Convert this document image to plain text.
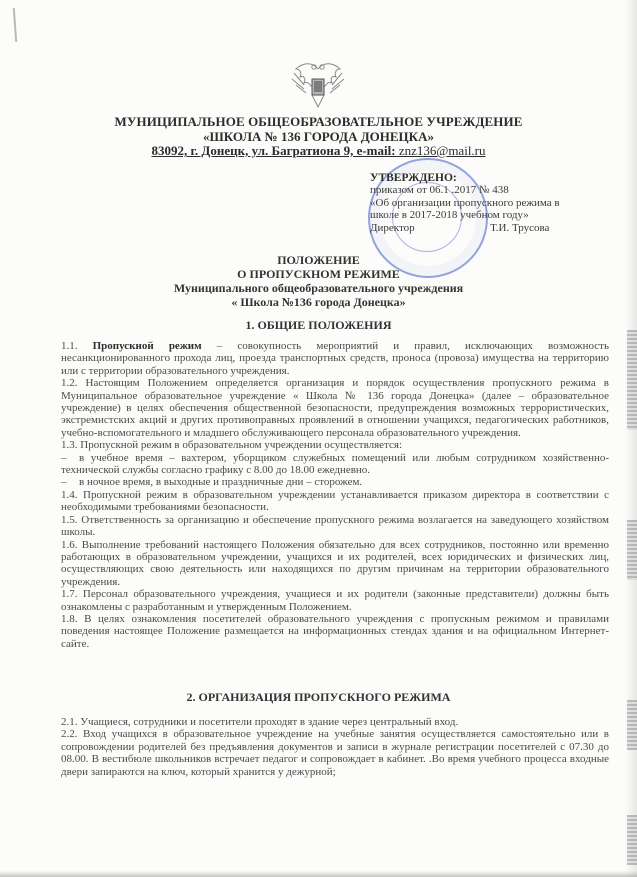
МУНИЦИПАЛЬНОЕ ОБЩЕОБРАЗОВАТЕЛЬНОЕ УЧРЕЖДЕНИЕ
«ШКОЛА № 136 ГОРОДА ДОНЕЦКА»
83092, г. Донецк, ул. Багратиона 9, e-mail: znz136@mail.ru
УТВЕРЖДЕНО:
приказом от 06.1 .2017 № 438
«Об организации пропускного режима в
школе в 2017-2018 учебном году»
Директор	Т.И. Трусова
ПОЛОЖЕНИЕ
О ПРОПУСКНОМ РЕЖИМЕ
Муниципального общеобразовательного учреждения
« Школа №136 города Донецка»
1. ОБЩИЕ ПОЛОЖЕНИЯ

1.1. Пропускной режим – совокупность мероприятий и правил, исключающих возможность несанкционированного прохода лиц, проезда транспортных средств, проноса (провоза) имущества на территорию или с территории образовательного учреждения.

1.2. Настоящим Положением определяется организация и порядок осуществления пропускного режима в Муниципальное образовательное учреждение « Школа № 136 города Донецка» (далее – образовательное учреждение) в целях обеспечения общественной безопасности, предупреждения возможных террористических, экстремистских акций и других противоправных проявлений в отношении учащихся, педагогических работников, учебно-вспомогательного и младшего обслуживающего персонала образовательного учреждения.

1.3. Пропускной режим в образовательном учреждении осуществляется:

– в учебное время – вахтером, уборщиком служебных помещений или любым сотрудником хозяйственно-технической службы согласно графику с 8.00 до 18.00 ежедневно.

– в ночное время, в выходные и праздничные дни – сторожем.

1.4. Пропускной режим в образовательном учреждении устанавливается приказом директора в соответствии с необходимыми требованиями безопасности.

1.5. Ответственность за организацию и обеспечение пропускного режима возлагается на заведующего хозяйством школы.

1.6. Выполнение требований настоящего Положения обязательно для всех сотрудников, постоянно или временно работающих в образовательном учреждении, учащихся и их родителей, всех юридических и физических лиц, осуществляющих свою деятельность или находящихся по другим причинам на территории образовательного учреждения.

1.7. Персонал образовательного учреждения, учащиеся и их родители (законные представители) должны быть ознакомлены с разработанным и утвержденным Положением.

1.8. В целях ознакомления посетителей образовательного учреждения с пропускным режимом и правилами поведения настоящее Положение размещается на информационных стендах здания и на официальном Интернет-сайте.

2. ОРГАНИЗАЦИЯ ПРОПУСКНОГО РЕЖИМА

2.1. Учащиеся, сотрудники и посетители проходят в здание через центральный вход.

2.2. Вход учащихся в образовательное учреждение на учебные занятия осуществляется самостоятельно или в сопровождении родителей без предъявления документов и записи в журнале регистрации посетителей с 07.30 до 08.00. В вестибюле школьников встречает педагог и сопровождает в кабинет. .Во время учебного процесса входные двери запираются на ключ, который хранится у дежурной;
